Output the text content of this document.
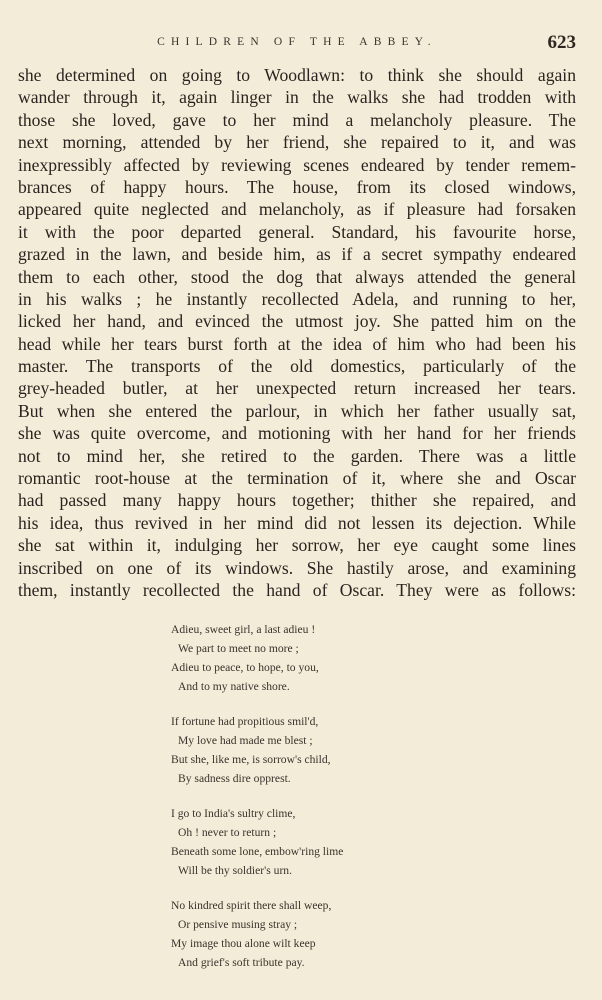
CHILDREN OF THE ABBEY.	623
she determined on going to Woodlawn: to think she should again
wander through it, again linger in the walks she had trodden with
those she loved, gave to her mind a melancholy pleasure. The
next morning, attended by her friend, she repaired to it, and was
inexpressibly affected by reviewing scenes endeared by tender remem-
brances of happy hours. The house, from its closed windows,
appeared quite neglected and melancholy, as if pleasure had forsaken
it with the poor departed general. Standard, his favourite horse,
grazed in the lawn, and beside him, as if a secret sympathy endeared
them to each other, stood the dog that always attended the general
in his walks ; he instantly recollected Adela, and running to her,
licked her hand, and evinced the utmost joy. She patted him on the
head while her tears burst forth at the idea of him who had been his
master. The transports of the old domestics, particularly of the
grey-headed butler, at her unexpected return increased her tears.
But when she entered the parlour, in which her father usually sat,
she was quite overcome, and motioning with her hand for her friends
not to mind her, she retired to the garden. There was a little
romantic root-house at the termination of it, where she and Oscar
had passed many happy hours together; thither she repaired, and
his idea, thus revived in her mind did not lessen its dejection. While
she sat within it, indulging her sorrow, her eye caught some lines
inscribed on one of its windows. She hastily arose, and examining
them, instantly recollected the hand of Oscar. They were as follows:
Adieu, sweet girl, a last adieu !
We part to meet no more ;
Adieu to peace, to hope, to you,
And to my native shore.
If fortune had propitious smil'd,
My love had made me blest ;
But she, like me, is sorrow's child,
By sadness dire opprest.
I go to India's sultry clime,
Oh ! never to return ;
Beneath some lone, embow'ring lime
Will be thy soldier's urn.
No kindred spirit there shall weep,
Or pensive musing stray ;
My image thou alone wilt keep
And grief's soft tribute pay.
